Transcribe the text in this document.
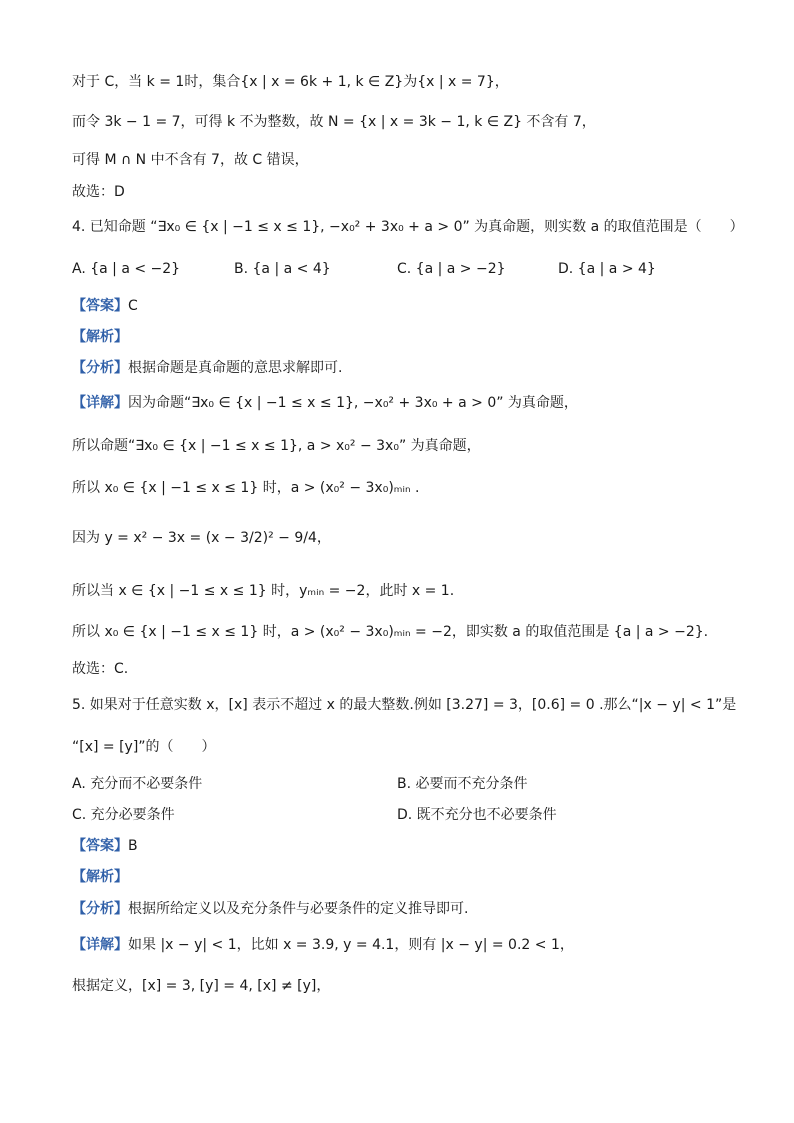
对于 C，当 k = 1时，集合{x | x = 6k + 1, k ∈ Z}为{x | x = 7}，
而令 3k − 1 = 7，可得 k 不为整数，故 N = {x | x = 3k − 1, k ∈ Z} 不含有 7，
可得 M ∩ N 中不含有 7，故 C 错误，
故选：D
4. 已知命题 “∃x₀ ∈ {x | −1 ≤ x ≤ 1}, −x₀² + 3x₀ + a > 0” 为真命题，则实数 a 的取值范围是（　　）
A. {a | a < −2}	B. {a | a < 4}	C. {a | a > −2}	D. {a | a > 4}
【答案】C
【解析】
【分析】根据命题是真命题的意思求解即可.
【详解】因为命题“∃x₀ ∈ {x | −1 ≤ x ≤ 1}, −x₀² + 3x₀ + a > 0” 为真命题，
所以命题“∃x₀ ∈ {x | −1 ≤ x ≤ 1}, a > x₀² − 3x₀” 为真命题，
所以 x₀ ∈ {x | −1 ≤ x ≤ 1} 时，a > (x₀² − 3x₀)ₘᵢₙ .
因为 y = x² − 3x = (x − 3/2)² − 9/4，
所以当 x ∈ {x | −1 ≤ x ≤ 1} 时，yₘᵢₙ = −2，此时 x = 1.
所以 x₀ ∈ {x | −1 ≤ x ≤ 1} 时，a > (x₀² − 3x₀)ₘᵢₙ = −2，即实数 a 的取值范围是 {a | a > −2}.
故选：C.
5. 如果对于任意实数 x，[x] 表示不超过 x 的最大整数.例如 [3.27] = 3，[0.6] = 0 .那么“|x − y| < 1”是
“[x] = [y]”的（　　）
A. 充分而不必要条件	B. 必要而不充分条件
C. 充分必要条件	D. 既不充分也不必要条件
【答案】B
【解析】
【分析】根据所给定义以及充分条件与必要条件的定义推导即可.
【详解】如果 |x − y| < 1，比如 x = 3.9, y = 4.1，则有 |x − y| = 0.2 < 1，
根据定义，[x] = 3, [y] = 4, [x] ≠ [y]，
